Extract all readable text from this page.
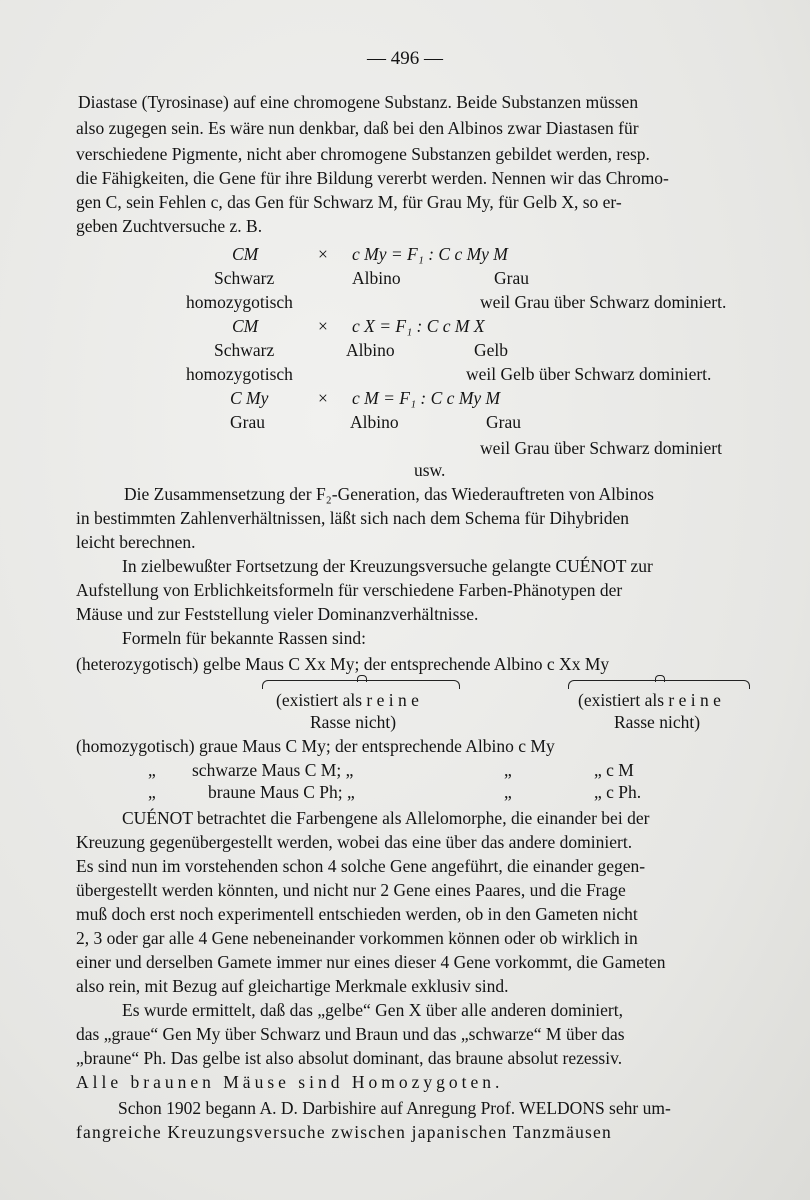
— 496 —
Diastase (Tyrosinase) auf eine chromogene Substanz. Beide Substanzen müssen
also zugegen sein. Es wäre nun denkbar, daß bei den Albinos zwar Diastasen für
verschiedene Pigmente, nicht aber chromogene Substanzen gebildet werden, resp.
die Fähigkeiten, die Gene für ihre Bildung vererbt werden. Nennen wir das Chromo-
gen C, sein Fehlen c, das Gen für Schwarz M, für Grau My, für Gelb X, so er-
geben Zuchtversuche z. B.
CM	× c My = F₁ : C c My M
Schwarz	Albino	Grau
homozygotisch	weil Grau über Schwarz dominiert.
CM	× c X = F₁ : C c M X
Schwarz	Albino	Gelb
homozygotisch	weil Gelb über Schwarz dominiert.
C My	× c M = F₁ : C c My M
Grau	Albino	Grau
weil Grau über Schwarz dominiert
usw.
Die Zusammensetzung der F₂-Generation, das Wiederauftreten von Albinos
in bestimmten Zahlenverhältnissen, läßt sich nach dem Schema für Dihybriden
leicht berechnen.
In zielbewußter Fortsetzung der Kreuzungsversuche gelangte CUÉNOT zur
Aufstellung von Erblichkeitsformeln für verschiedene Farben-Phänotypen der
Mäuse und zur Feststellung vieler Dominanzverhältnisse.
Formeln für bekannte Rassen sind:
(heterozygotisch) gelbe Maus C Xx My; der entsprechende Albino c Xx My
(existiert als r e i n e	(existiert als r e i n e
Rasse nicht)	Rasse nicht)
(homozygotisch) graue Maus C My; der entsprechende Albino c My
„ schwarze Maus C M; „	„	„ c M
„	braune Maus C Ph; „	„	„ c Ph.
CUÉNOT betrachtet die Farbengene als Allelomorphe, die einander bei der
Kreuzung gegenübergestellt werden, wobei das eine über das andere dominiert.
Es sind nun im vorstehenden schon 4 solche Gene angeführt, die einander gegen-
übergestellt werden könnten, und nicht nur 2 Gene eines Paares, und die Frage
muß doch erst noch experimentell entschieden werden, ob in den Gameten nicht
2, 3 oder gar alle 4 Gene nebeneinander vorkommen können oder ob wirklich in
einer und derselben Gamete immer nur eines dieser 4 Gene vorkommt, die Gameten
also rein, mit Bezug auf gleichartige Merkmale exklusiv sind.
Es wurde ermittelt, daß das „gelbe“ Gen X über alle anderen dominiert,
das „graue“ Gen My über Schwarz und Braun und das „schwarze“ M über das
„braune“ Ph. Das gelbe ist also absolut dominant, das braune absolut rezessiv.
Alle braunen Mäuse sind Homozygoten.
Schon 1902 begann A. D. Darbishire auf Anregung Prof. WELDONS sehr um-
fangreiche Kreuzungsversuche zwischen japanischen Tanzmäusen
